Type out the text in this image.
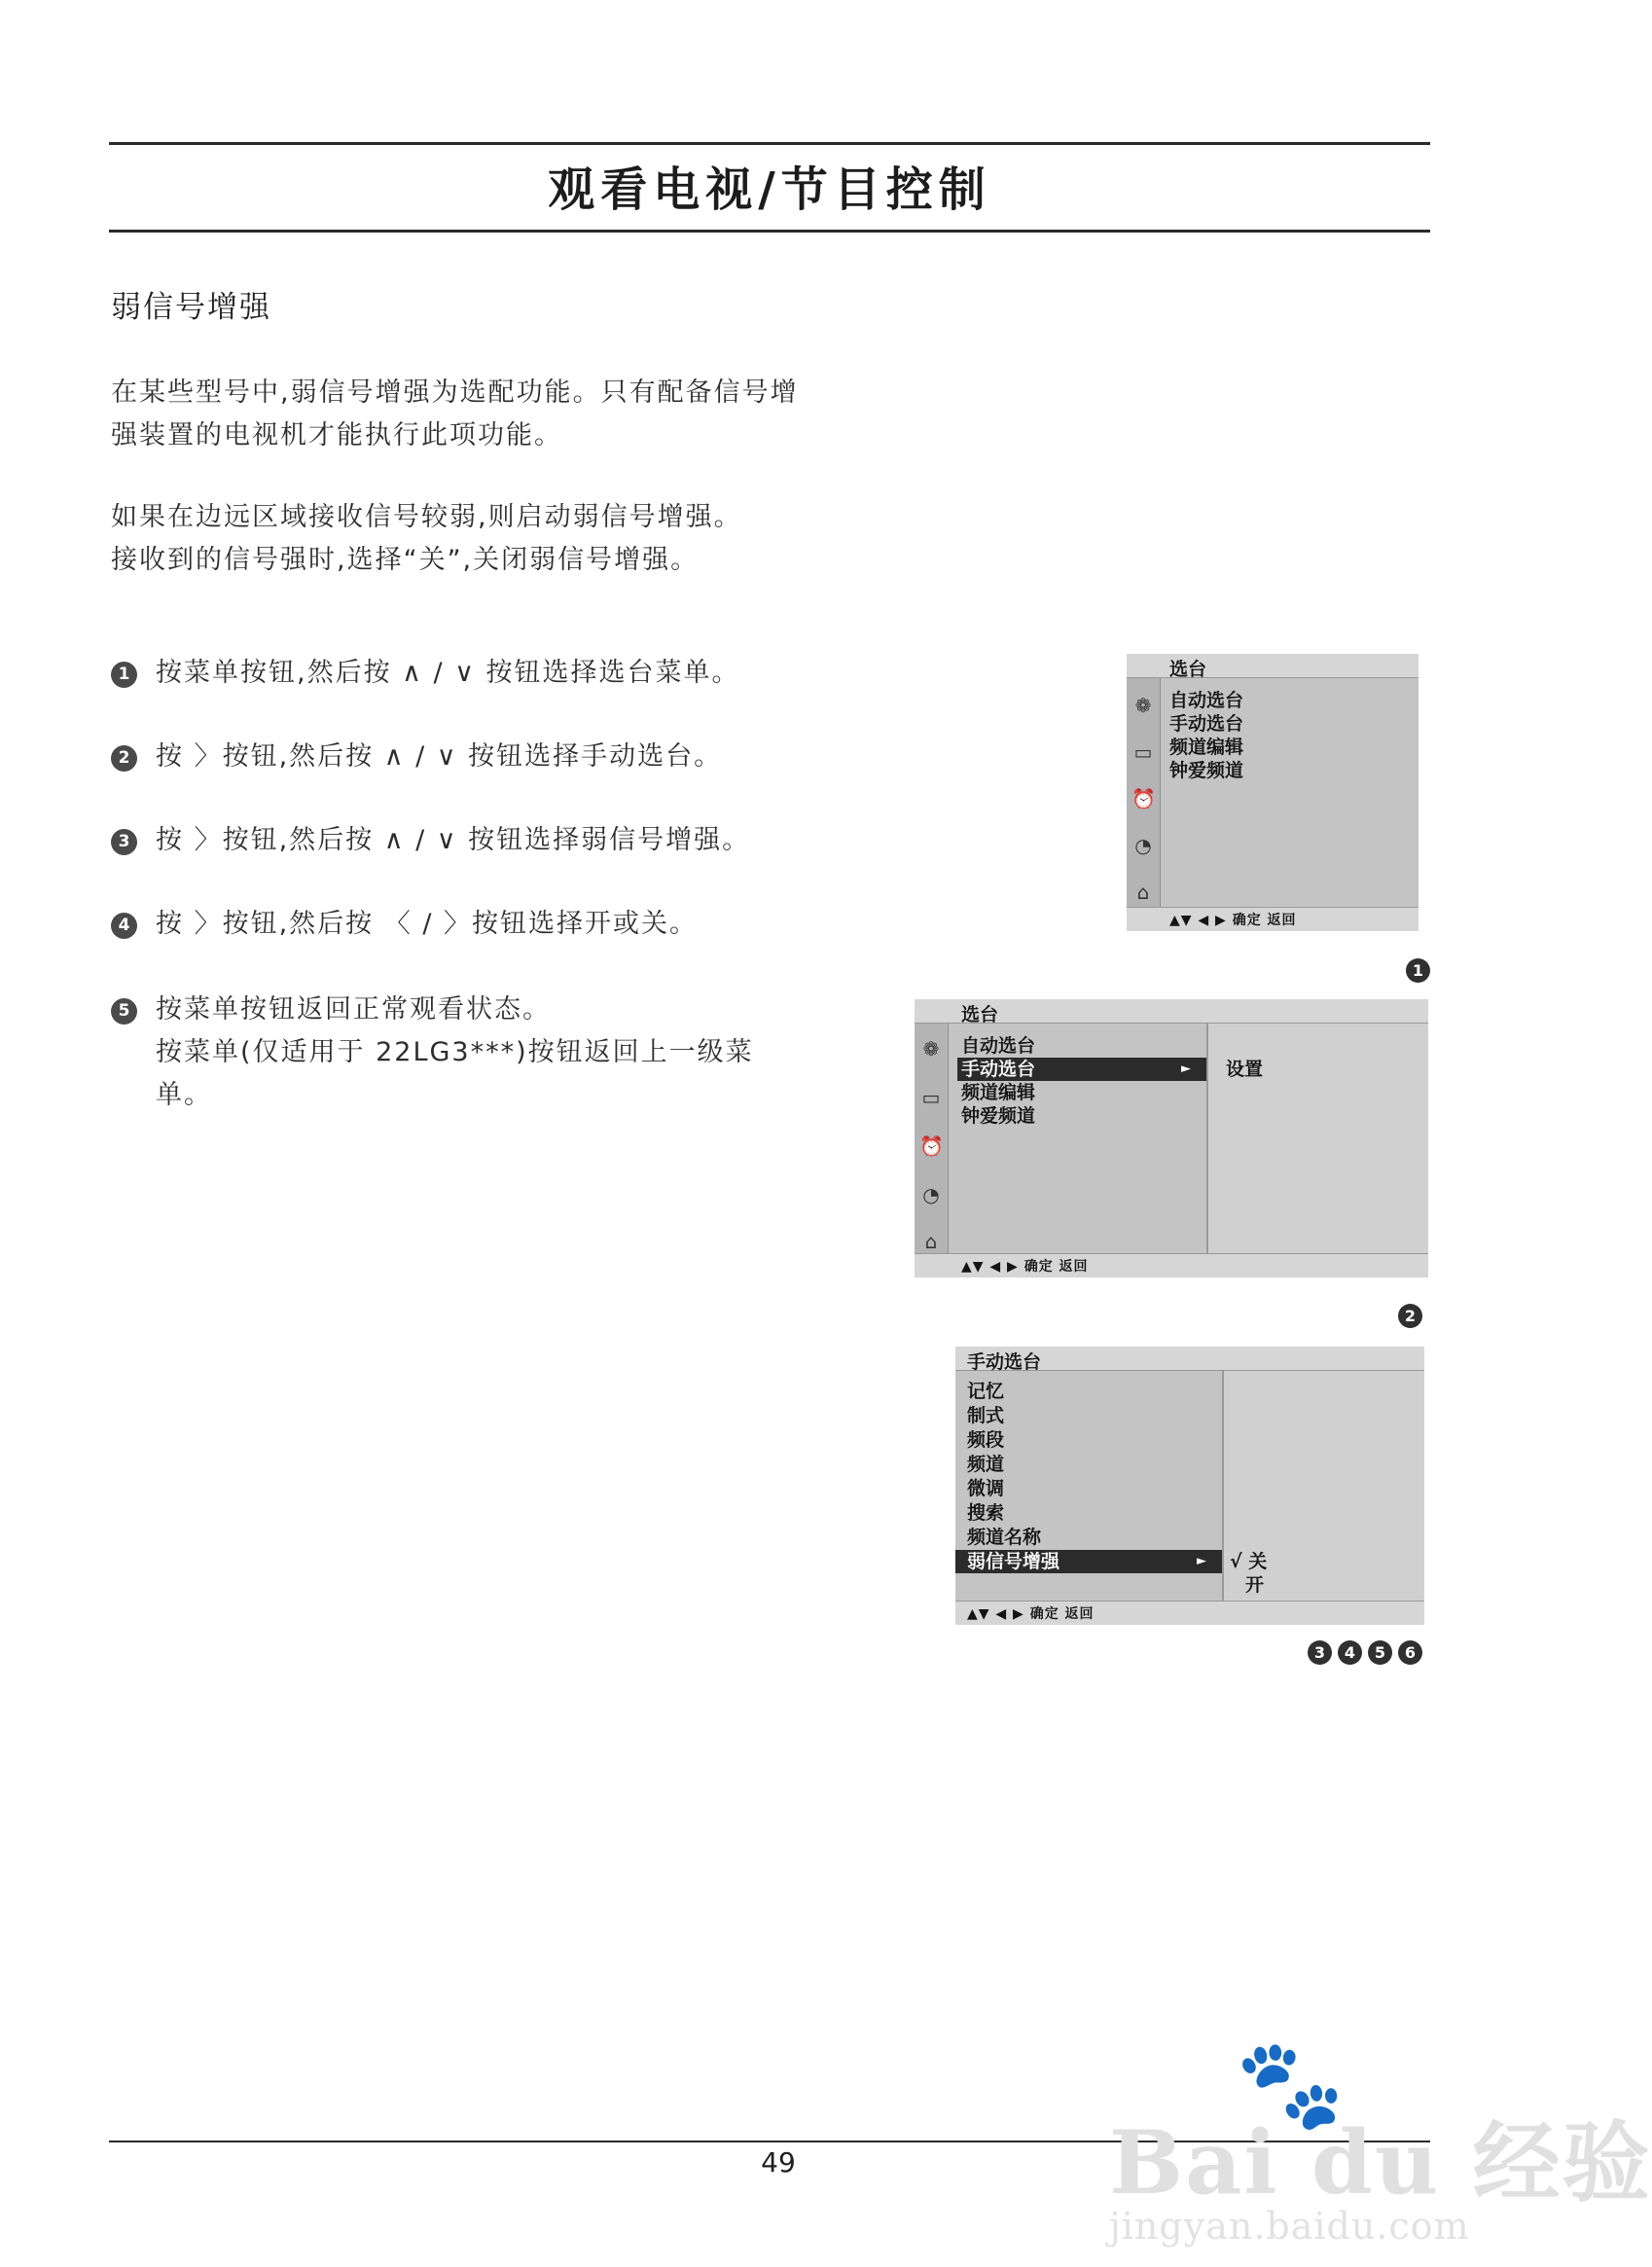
观看电视/节目控制
弱信号增强

在某些型号中,弱信号增强为选配功能。只有配备信号增

强装置的电视机才能执行此项功能。

如果在边远区域接收信号较弱,则启动弱信号增强。

接收到的信号强时,选择“关”,关闭弱信号增强。

1 按菜单按钮,然后按 ∧ / ∨ 按钮选择选台菜单。

2 按 〉按钮,然后按 ∧ / ∨ 按钮选择手动选台。

3 按 〉按钮,然后按 ∧ / ∨ 按钮选择弱信号增强。

4 按 〉按钮,然后按 〈 / 〉按钮选择开或关。

5 按菜单按钮返回正常观看状态。

按菜单(仅适用于 22LG3***)按钮返回上一级菜

单。

选台
❁
▭
⏰
◔
⌂
自动选台
手动选台
频道编辑
钟爱频道
▲▼ ◀ ▶ 确定 返回
1
选台
❁
▭
⏰
◔
⌂
自动选台
手动选台	►
频道编辑
钟爱频道
设置
▲▼ ◀ ▶ 确定 返回
2
手动选台
记忆
制式
频段
频道
微调
搜索
频道名称
弱信号增强	► √ 关
开
▲▼ ◀ ▶ 确定 返回
3	4	5	6
49
🐾
Bai du 经验
jingyan.baidu.com
